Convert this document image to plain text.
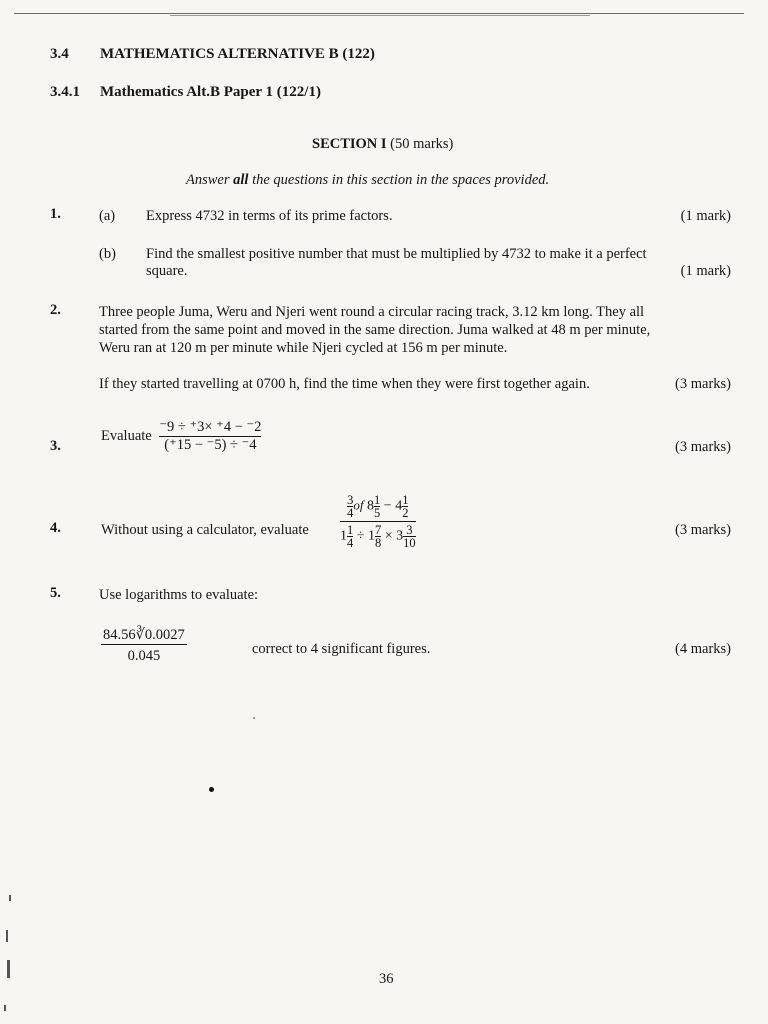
3.4 MATHEMATICS ALTERNATIVE B (122)
3.4.1 Mathematics Alt.B Paper 1 (122/1)
SECTION I (50 marks)
Answer all the questions in this section in the spaces provided.
1.	(a) Express 4732 in terms of its prime factors.	(1 mark)
(b) Find the smallest positive number that must be multiplied by 4732 to make it a perfect
square.	(1 mark)
2.	Three people Juma, Weru and Njeri went round a circular racing track, 3.12 km long. They all
started from the same point and moved in the same direction. Juma walked at 48 m per minute,
Weru ran at 120 m per minute while Njeri cycled at 156 m per minute.
If they started travelling at 0700 h, find the time when they were first together again.	(3 marks)
3.
Evaluate $\frac{^-9 \div ^+3\times ^+4 - ^-2}{(^+15 - ^-5) \div ^-4}$	(3 marks)
4.	Without using a calculator, evaluate $\frac{\frac{3}{4} of 8 \frac{1}{5} - 4 \frac{1}{2}}{1 \frac{1}{4} \div 1 \frac{7}{8} \times 3 \frac{3}{10}}$	(3 marks)
5.	Use logarithms to evaluate:
$\frac{84.56∛0.0027}{0.045}$	correct to 4 significant figures.	(4 marks)
36
